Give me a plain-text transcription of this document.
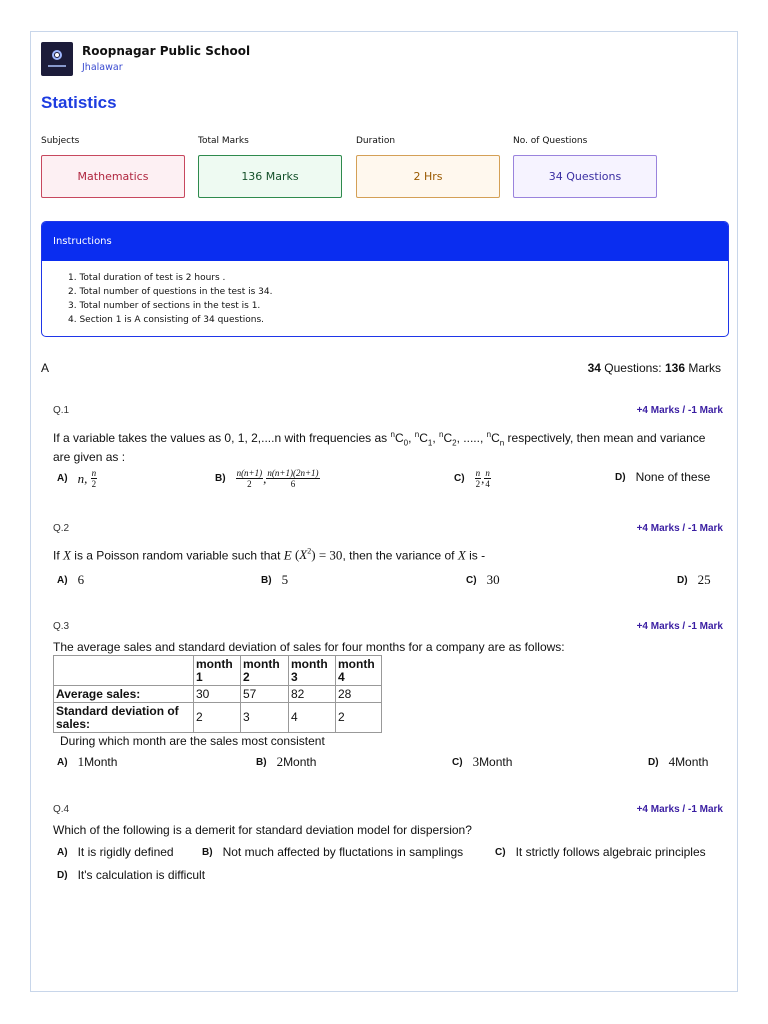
Roopnagar Public School
Jhalawar
Statistics
Subjects	Total Marks	Duration	No. of Questions
Mathematics	136 Marks	2 Hrs	34 Questions
Instructions
1. Total duration of test is 2 hours .
2. Total number of questions in the test is 34.
3. Total number of sections in the test is 1.
4. Section 1 is A consisting of 34 questions.
A	34 Questions: 136 Marks
Q.1	+4 Marks / -1 Mark
If a variable takes the values as 0, 1, 2,....n with frequencies as $^nC_0$, $^nC_1$, $^nC_2$, ....., $^nC_n$ respectively, then mean and variance are given as :
A) n , $\frac{n}{2}$	$B) \frac{n(n+1)}{2}$ , $\frac{n(n+1)(2n+1)}{6}$	$C) \frac{n}{2}$ , $\frac{n}{4}$	D) None of these
Q.2	+4 Marks / -1 Mark
If X is a Poisson random variable such that E $(X^2) = 30$, then the variance of X is -
A) 6	B) 5	C) 30	D) 25
Q.3	+4 Marks / -1 Mark
The average sales and standard deviation of sales for four months for a company are as follows:
	month 1	month 2	month 3	month 4
Average sales:	30	57	82	28
Standard deviation of sales:	2	3	4	2
During which month are the sales most consistent
A) 1 Month	B) 2 Month	C) 3 Month	D) 4 Month
Q.4	+4 Marks / -1 Mark
Which of the following is a demerit for standard deviation model for dispersion?
A) It is rigidly defined	B) Not much affected by fluctations in samplings	C) It strictly follows algebraic principles
D) It's calculation is difficult
